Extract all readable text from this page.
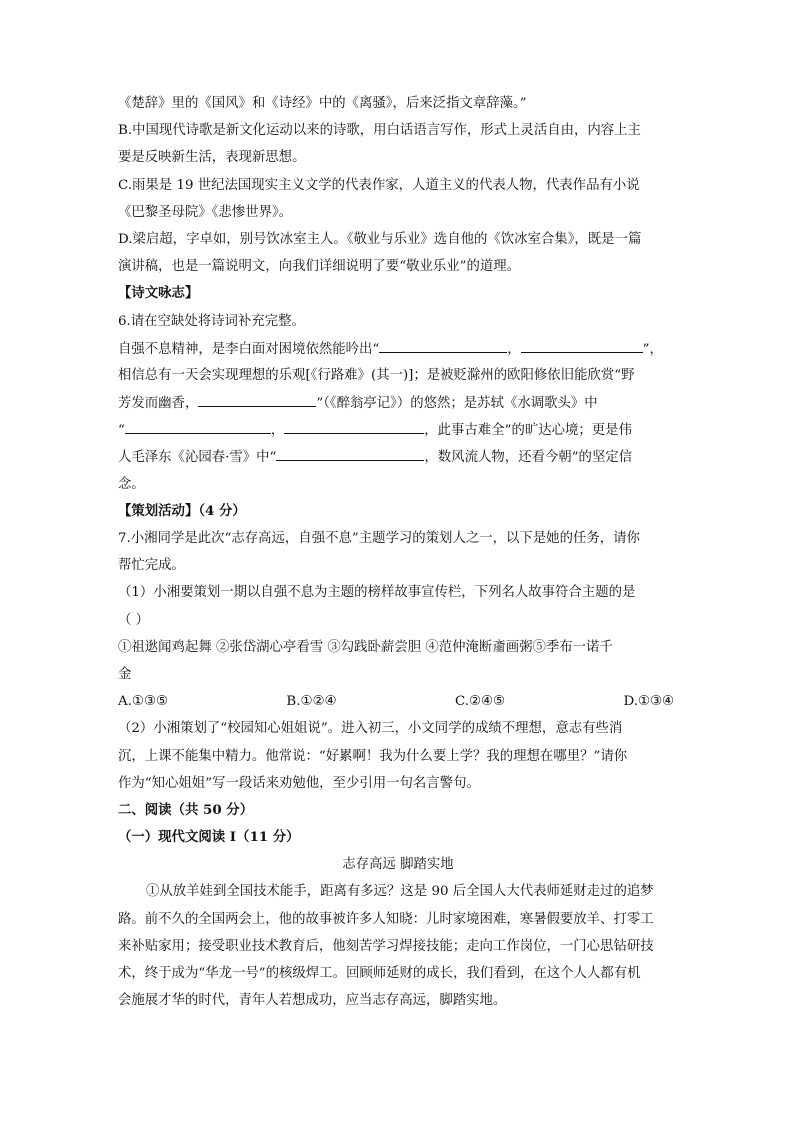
《楚辞》里的《国风》和《诗经》中的《离骚》，后来泛指文章辞藻。”
B.中国现代诗歌是新文化运动以来的诗歌，用白话语言写作，形式上灵活自由，内容上主
要是反映新生活，表现新思想。
C.雨果是 19 世纪法国现实主义文学的代表作家，人道主义的代表人物，代表作品有小说
《巴黎圣母院》《悲惨世界》。
D.梁启超，字卓如，别号饮冰室主人。《敬业与乐业》选自他的《饮冰室合集》，既是一篇
演讲稿，也是一篇说明文，向我们详细说明了要“敬业乐业”的道理。
【诗文咏志】
6.请在空缺处将诗词补充完整。
自强不息精神，是李白面对困境依然能吟出“	，	”，
相信总有一天会实现理想的乐观[《行路难》(其一)]；是被贬滁州的欧阳修依旧能欣赏“野
芳发而幽香，	”（《醉翁亭记》）的悠然；是苏轼《水调歌头》中
“	，	，此事古难全”的旷达心境；更是伟
人毛泽东《沁园春·雪》中“	，数风流人物，还看今朝”的坚定信
念。
【策划活动】（4 分）
7.小湘同学是此次“志存高远，自强不息”主题学习的策划人之一，以下是她的任务，请你
帮忙完成。
（1）小湘要策划一期以自强不息为主题的榜样故事宣传栏，下列名人故事符合主题的是
（ ）
①祖逖闻鸡起舞 ②张岱湖心亭看雪 ③勾践卧薪尝胆 ④范仲淹断齑画粥⑤季布一诺千
金
A.①③⑤	B.①②④	C.②④⑤	D.①③④
（2）小湘策划了“校园知心姐姐说”。进入初三，小文同学的成绩不理想，意志有些消
沉，上课不能集中精力。他常说：“好累啊！我为什么要上学？我的理想在哪里？”请你
作为“知心姐姐”写一段话来劝勉他，至少引用一句名言警句。
二、阅读（共 50 分）
（一）现代文阅读 I（11 分）
志存高远 脚踏实地
①从放羊娃到全国技术能手，距离有多远？这是 90 后全国人大代表师延财走过的追梦
路。前不久的全国两会上，他的故事被许多人知晓：儿时家境困难，寒暑假要放羊、打零工
来补贴家用；接受职业技术教育后，他刻苦学习焊接技能；走向工作岗位，一门心思钻研技
术，终于成为“华龙一号”的核级焊工。回顾师延财的成长，我们看到，在这个人人都有机
会施展才华的时代，青年人若想成功，应当志存高远，脚踏实地。
